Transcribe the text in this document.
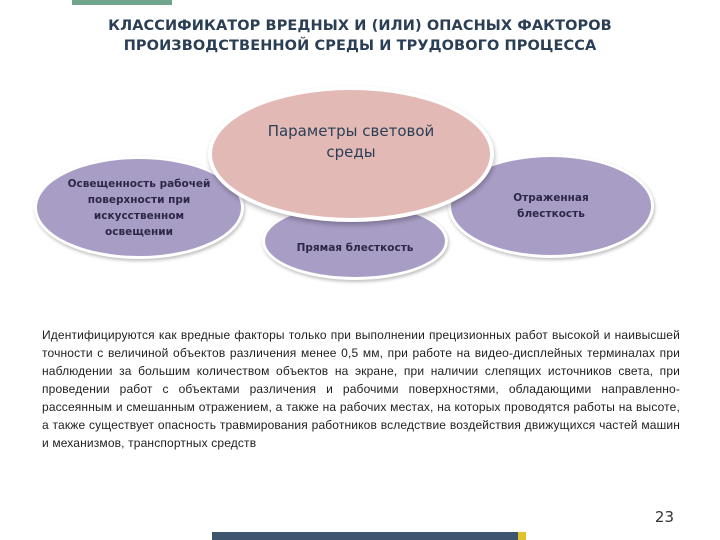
КЛАССИФИКАТОР ВРЕДНЫХ И (ИЛИ) ОПАСНЫХ ФАКТОРОВ
ПРОИЗВОДСТВЕННОЙ СРЕДЫ И ТРУДОВОГО ПРОЦЕССА
Освещенность рабочей поверхности при искусственном освещении
Прямая блесткость
Отраженная блесткость
Параметры световой среды
Идентифицируются как вредные факторы только при выполнении прецизионных работ высокой и наивысшей точности с величиной объектов различения менее 0,5 мм, при работе на видео-дисплейных терминалах при наблюдении за большим количеством объектов на экране, при наличии слепящих источников света, при проведении работ с объектами различения и рабочими поверхностями, обладающими направленно-рассеянным и смешанным отражением, а также на рабочих местах, на которых проводятся работы на высоте, а также существует опасность травмирования работников вследствие воздействия движущихся частей машин и механизмов, транспортных средств
23
